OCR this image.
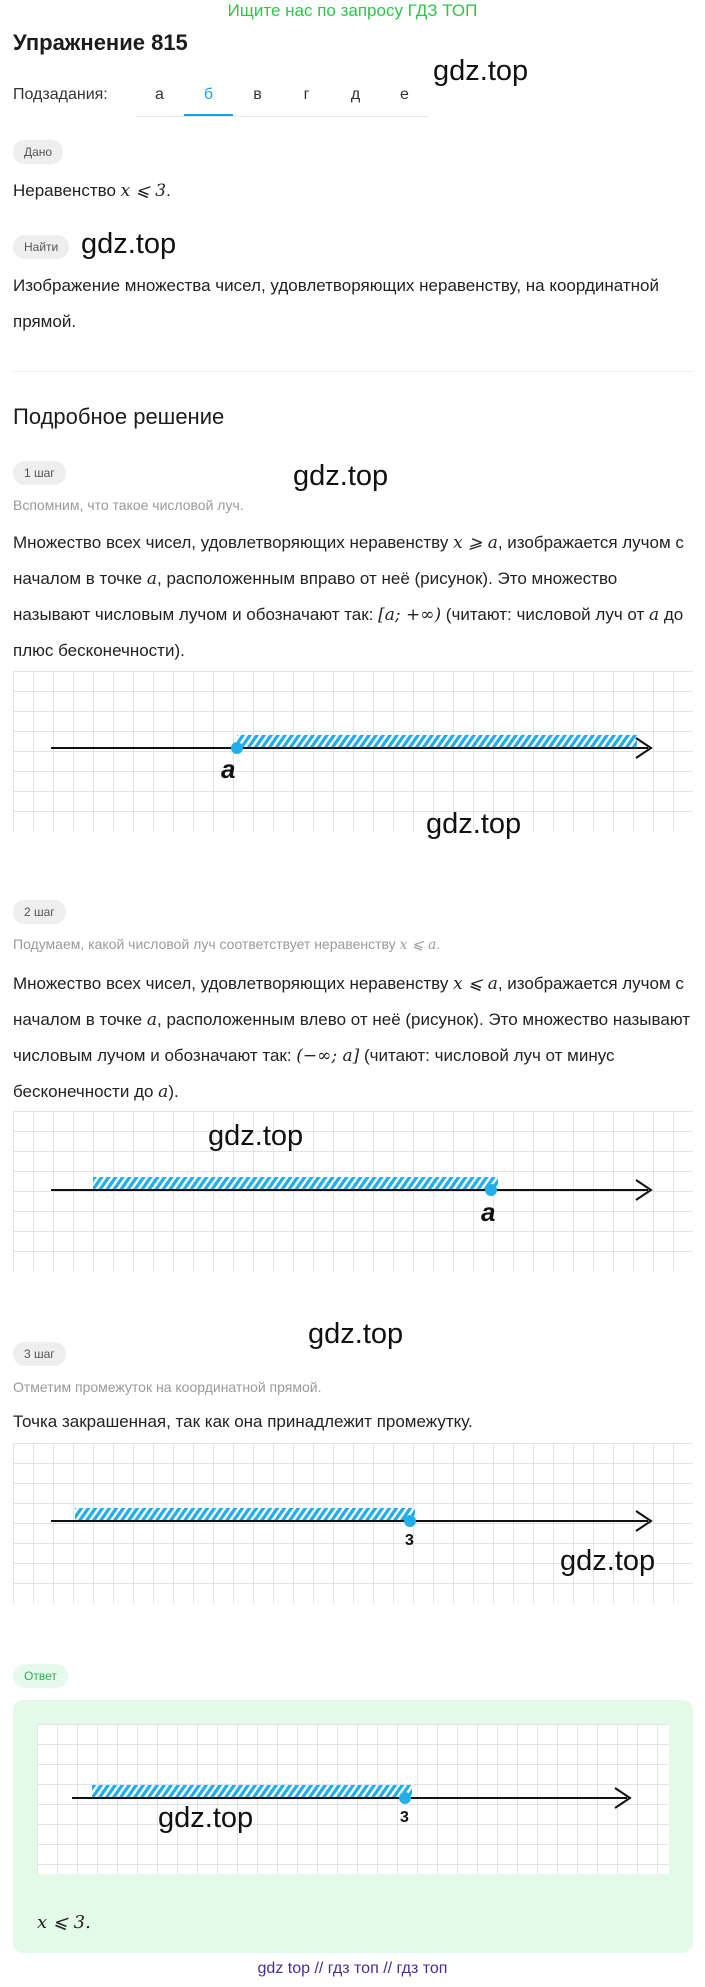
Ищите нас по запросу ГДЗ ТОП
Упражнение 815
gdz.top
Подзадания:	а	б	в	г	д	е
Дано
Неравенство x ⩽ 3.
Найти gdz.top
Изображение множества чисел, удовлетворяющих неравенству, на координатной прямой.
Подробное решение
1 шаг	gdz.top
Вспомним, что такое числовой луч.
Множество всех чисел, удовлетворяющих неравенству x ⩾ a, изображается лучом с началом в точке a, расположенным вправо от неё (рисунок). Это множество называют числовым лучом и обозначают так: [a; +∞) (читают: числовой луч от a до плюс бесконечности).
a
gdz.top
2 шаг
Подумаем, какой числовой луч соответствует неравенству x ⩽ a.
Множество всех чисел, удовлетворяющих неравенству x ⩽ a, изображается лучом с началом в точке a, расположенным влево от неё (рисунок). Это множество называют числовым лучом и обозначают так: (−∞; a] (читают: числовой луч от минус бесконечности до a).
a
gdz.top
gdz.top
3 шаг
Отметим промежуток на координатной прямой.
Точка закрашенная, так как она принадлежит промежутку.
3
gdz.top
Ответ
3
gdz.top
x ⩽ 3.
gdz top // гдз топ // гдз топ
